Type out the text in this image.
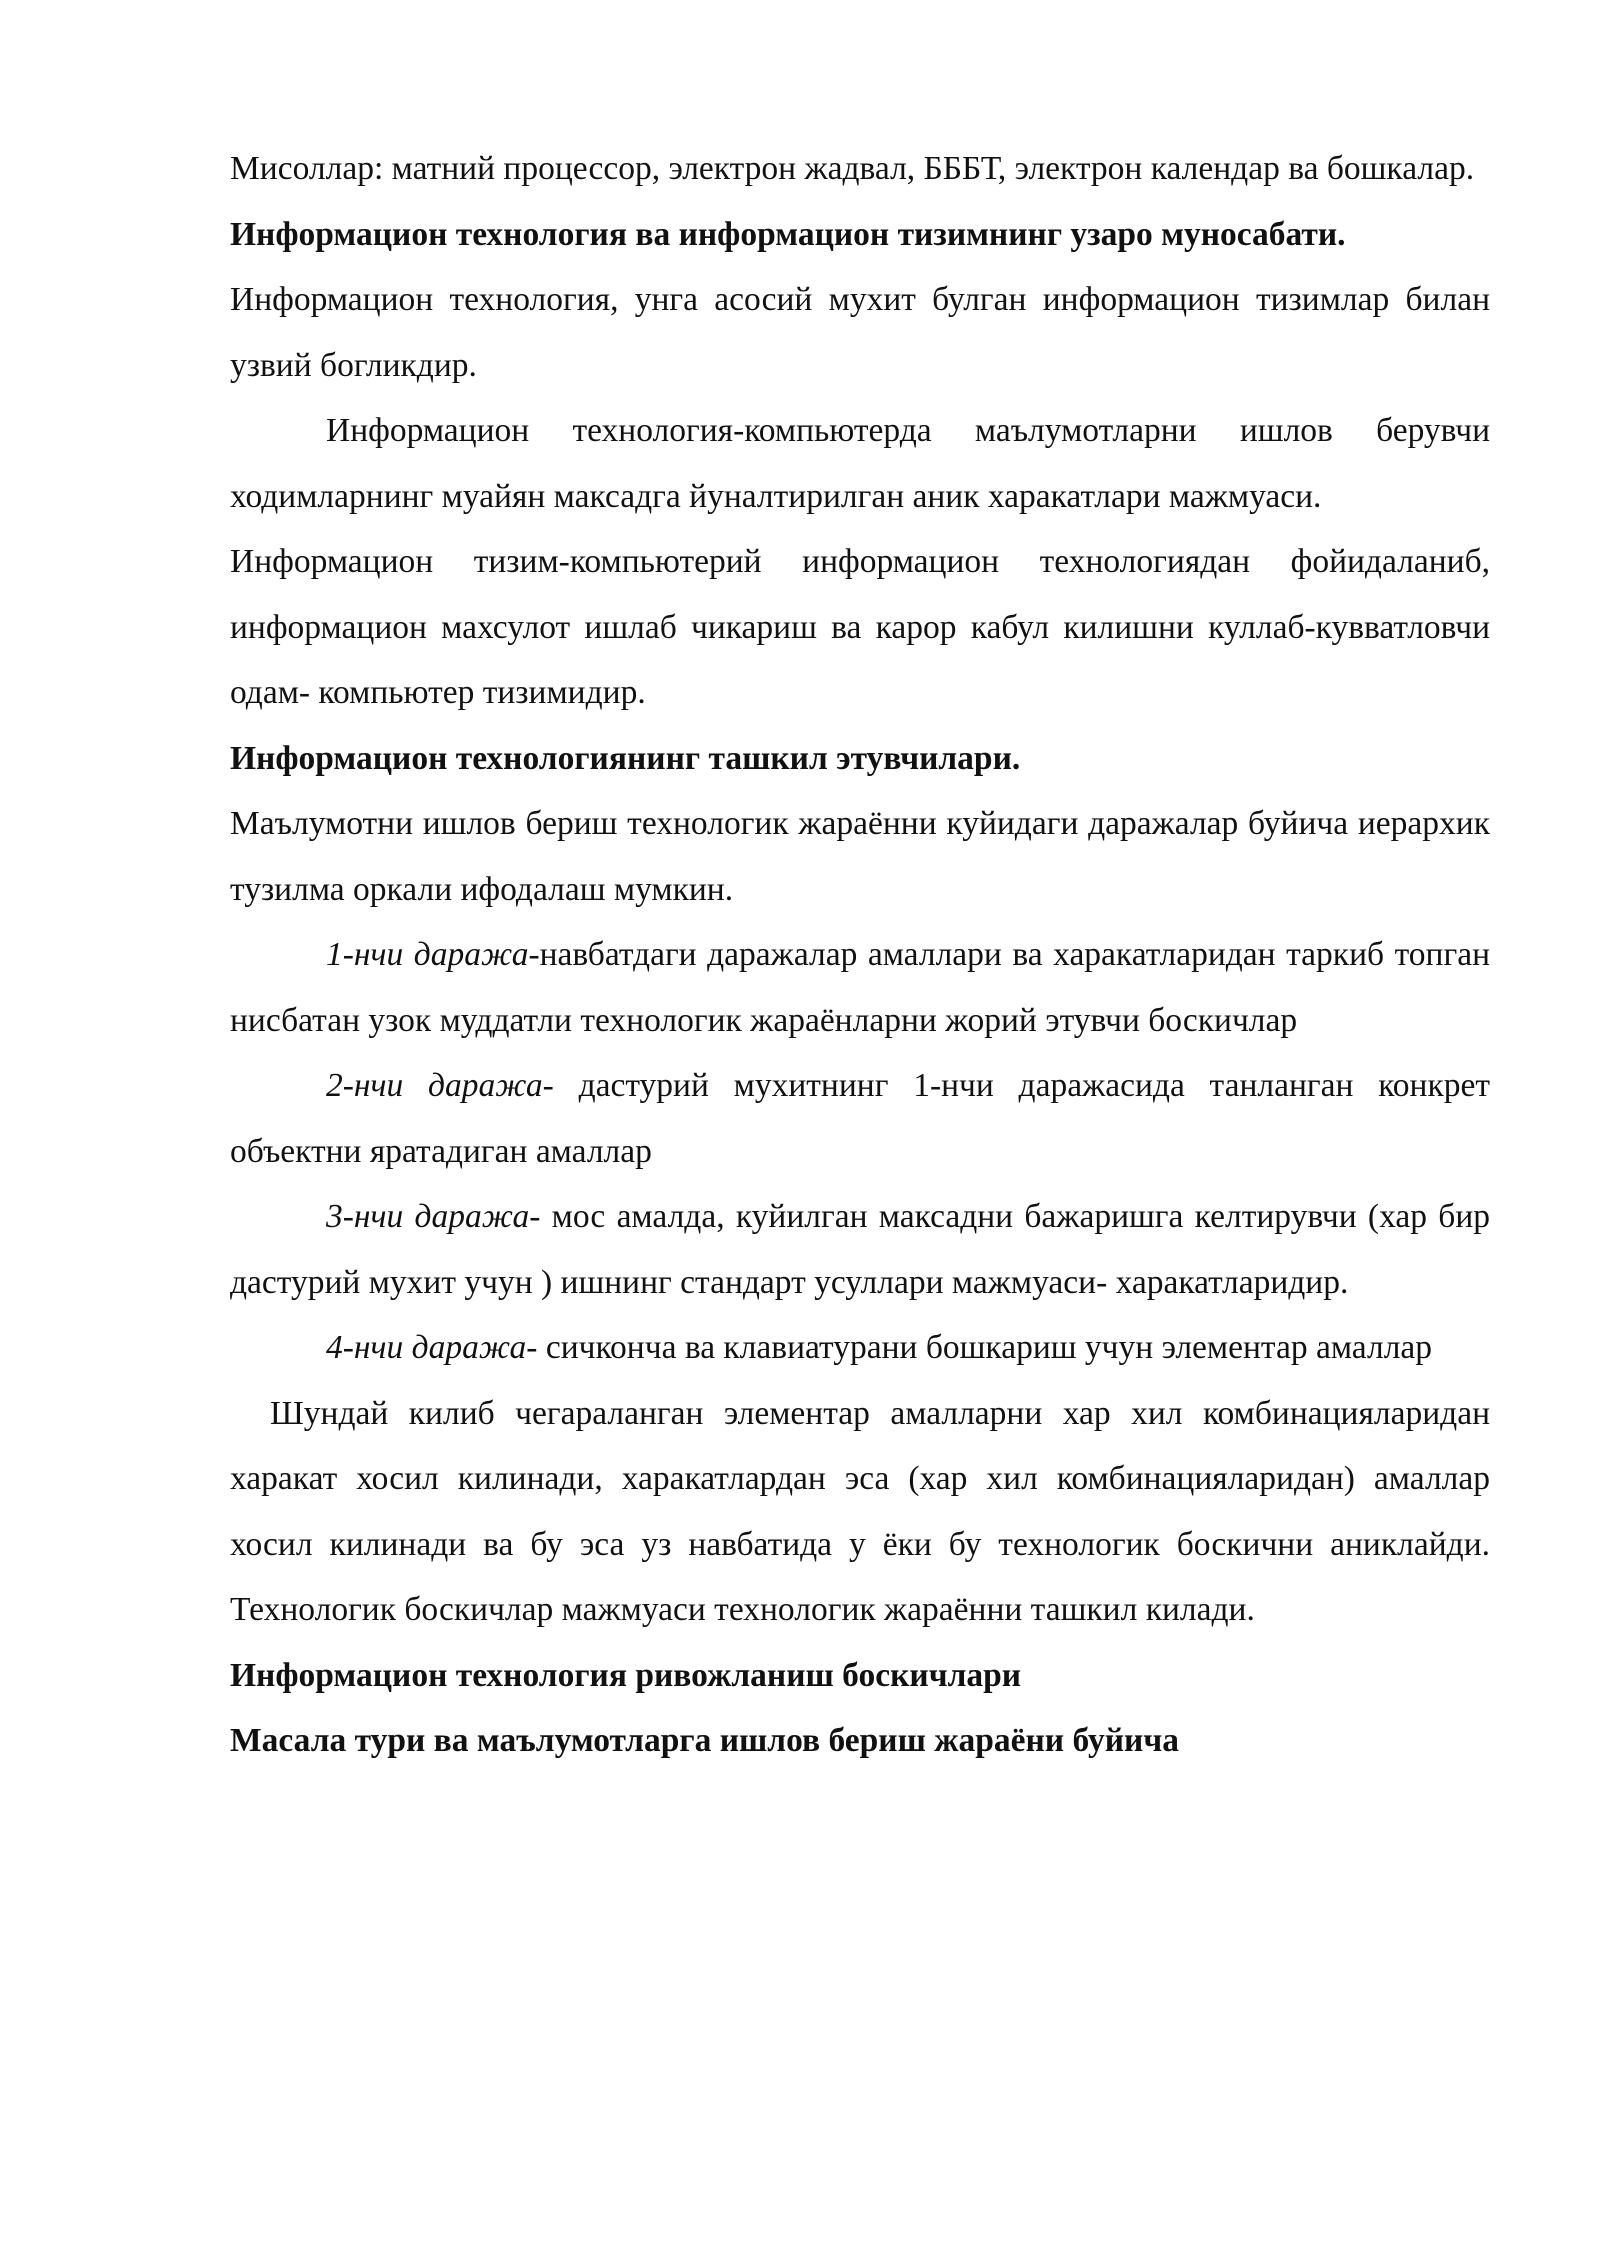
Мисоллар: матний процессор, электрон жадвал, БББТ, электрон календар ва бошкалар.

Информацион технология ва информацион тизимнинг узаро муносабати.

Информацион технология, унга асосий мухит булган информацион тизимлар билан узвий богликдир.

Информацион технология-компьютерда маълумотларни ишлов берувчи ходимларнинг муайян максадга йуналтирилган аник харакатлари мажмуаси.

Информацион тизим-компьютерий информацион технологиядан фойидаланиб, информацион махсулот ишлаб чикариш ва карор кабул килишни куллаб-кувватловчи одам- компьютер тизимидир.

Информацион технологиянинг ташкил этувчилари.

Маълумотни ишлов бериш технологик жараённи куйидаги даражалар буйича иерархик тузилма оркали ифодалаш мумкин.

1-нчи даража-навбатдаги даражалар амаллари ва харакатларидан таркиб топган нисбатан узок муддатли технологик жараёнларни жорий этувчи боскичлар

2-нчи даража- дастурий мухитнинг 1-нчи даражасида танланган конкрет объектни яратадиган амаллар

3-нчи даража- мос амалда, куйилган максадни бажаришга келтирувчи (хар бир дастурий мухит учун ) ишнинг стандарт усуллари мажмуаси- харакатларидир.

4-нчи даража- сичконча ва клавиатурани бошкариш учун элементар амаллар

Шундай килиб чегараланган элементар амалларни хар хил комбинацияларидан харакат хосил килинади, харакатлардан эса (хар хил комбинацияларидан) амаллар хосил килинади ва бу эса уз навбатида у ёки бу технологик боскични аниклайди. Технологик боскичлар мажмуаси технологик жараённи ташкил килади.

Информацион технология ривожланиш боскичлари

Масала тури ва маълумотларга ишлов бериш жараёни буйича
